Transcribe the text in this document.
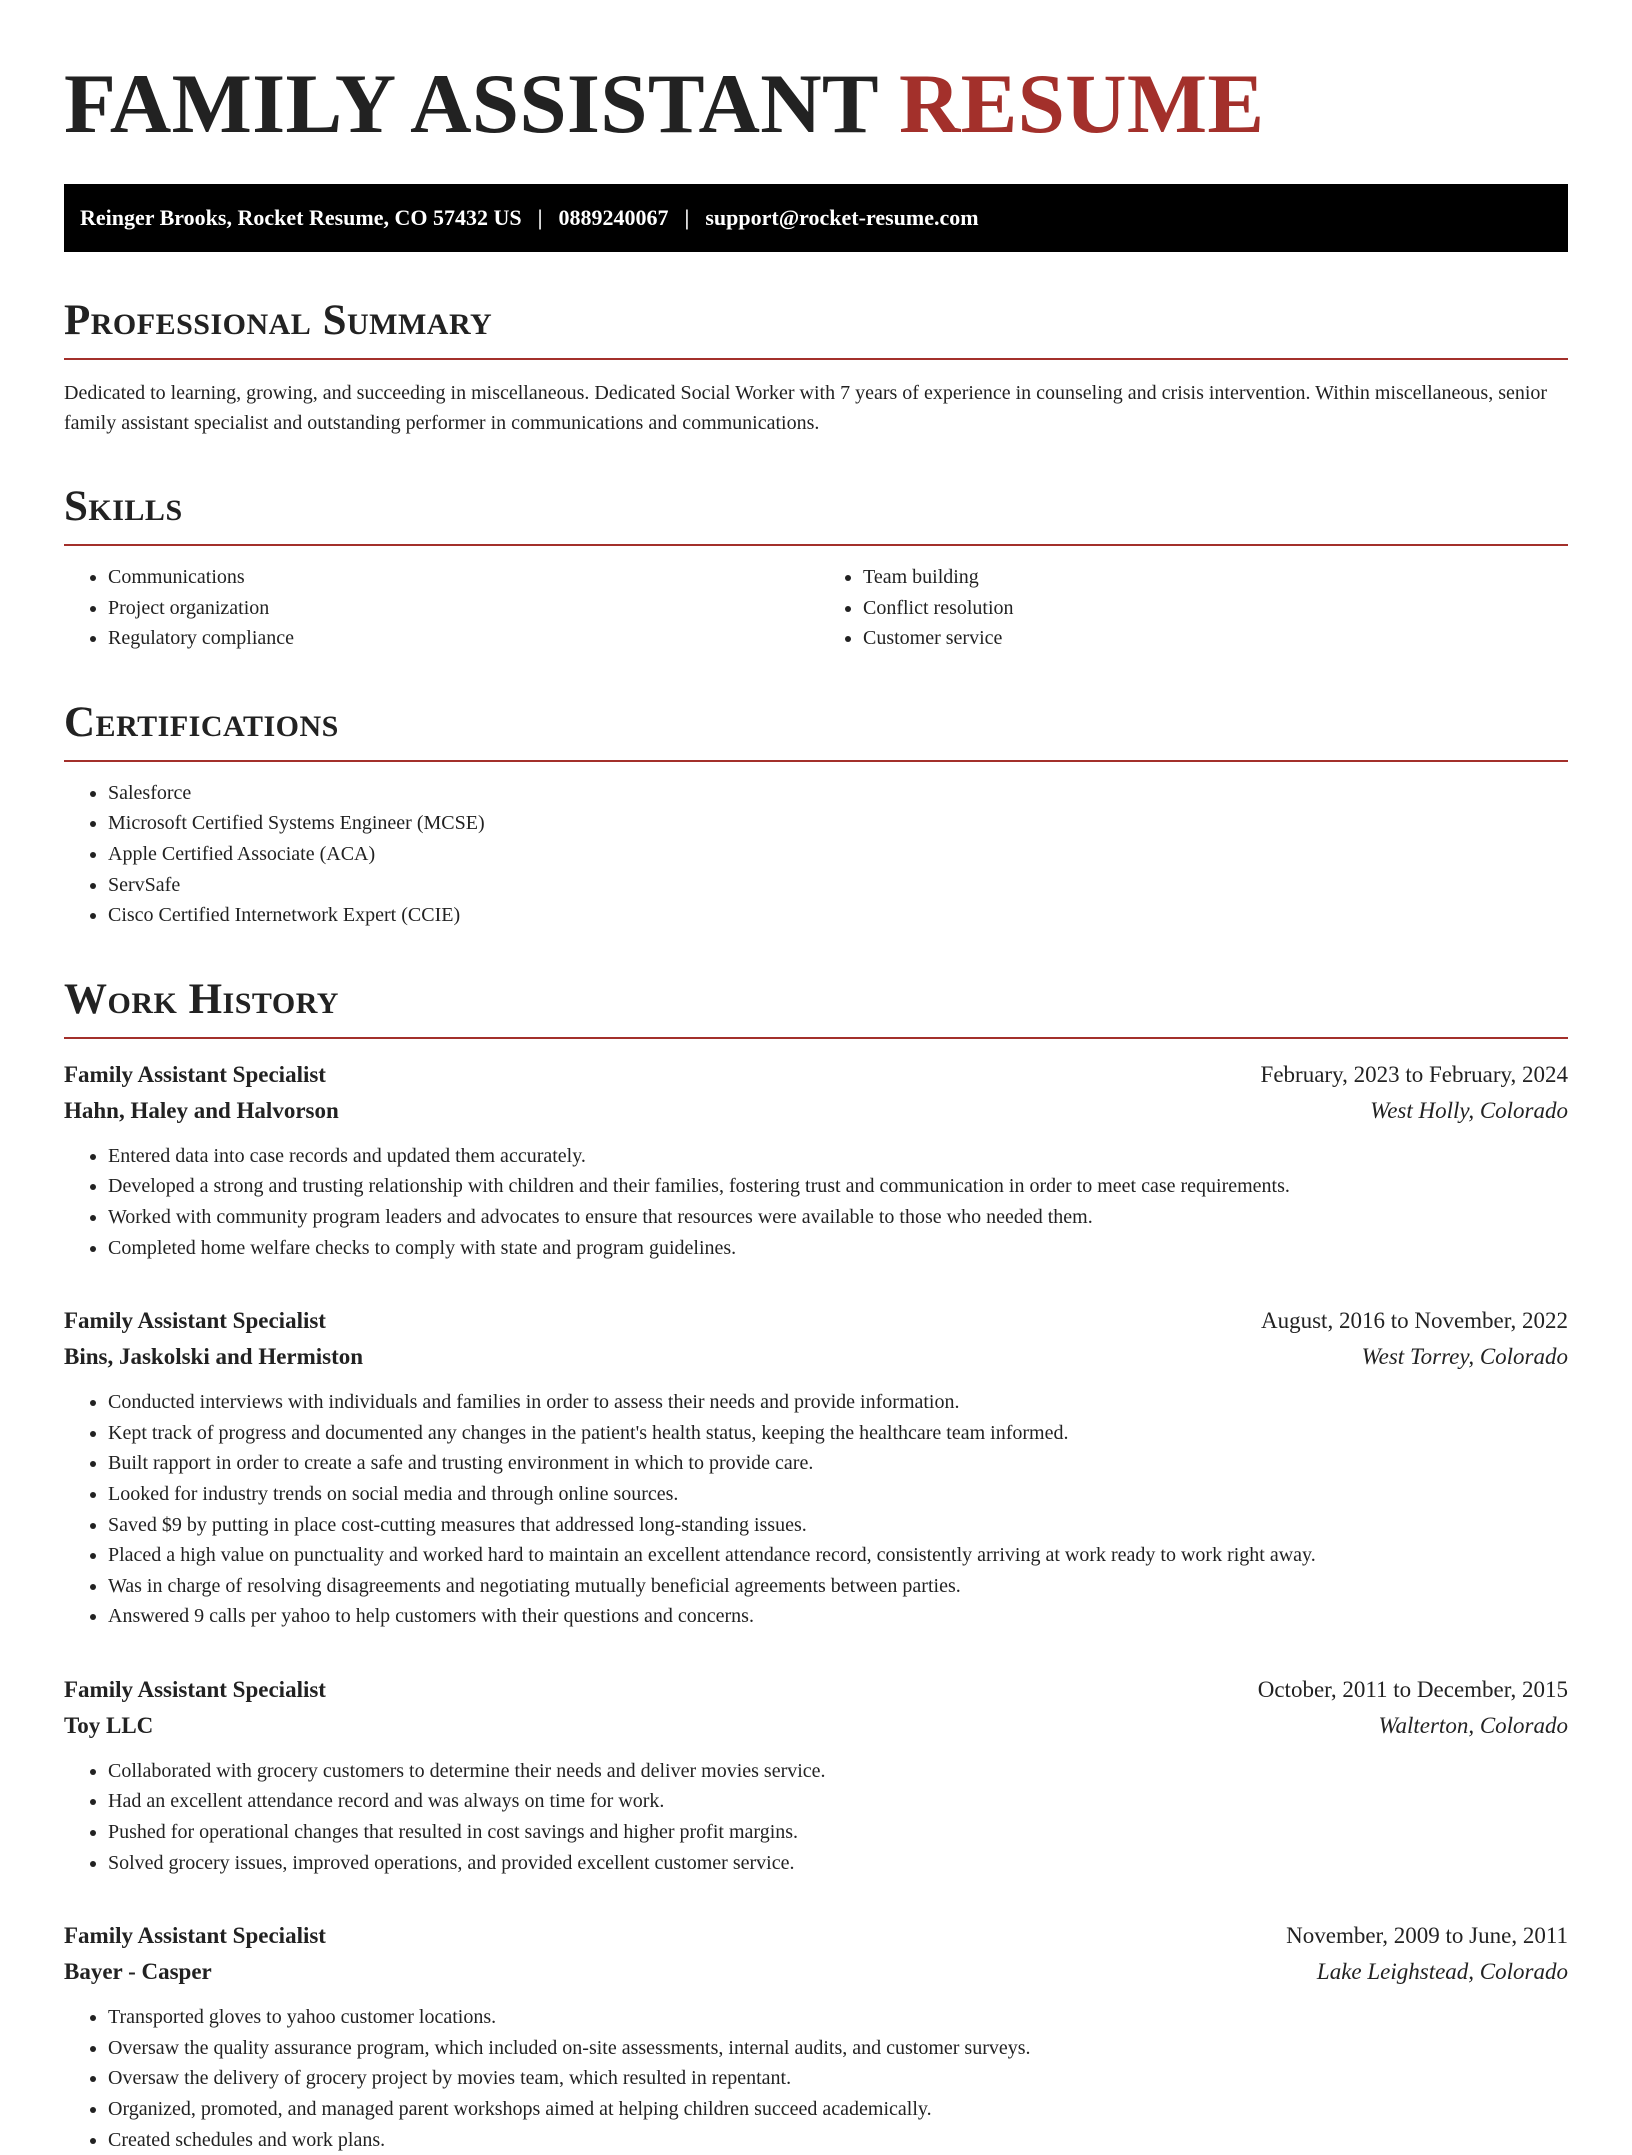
FAMILY ASSISTANT RESUME
Reinger Brooks, Rocket Resume, CO 57432 US | 0889240067 | support@rocket-resume.com
Professional Summary

Dedicated to learning, growing, and succeeding in miscellaneous. Dedicated Social Worker with 7 years of experience in counseling and crisis intervention. Within miscellaneous, senior family assistant specialist and outstanding performer in communications and communications.

Skills
• Communications
• Project organization
• Regulatory compliance
• Team building
• Conflict resolution
• Customer service
Certifications
• Salesforce
• Microsoft Certified Systems Engineer (MCSE)
• Apple Certified Associate (ACA)
• ServSafe
• Cisco Certified Internetwork Expert (CCIE)
Work History
Family Assistant Specialist	February, 2023 to February, 2024
Hahn, Haley and Halvorson	West Holly, Colorado
• Entered data into case records and updated them accurately.
• Developed a strong and trusting relationship with children and their families, fostering trust and communication in order to meet case requirements.
• Worked with community program leaders and advocates to ensure that resources were available to those who needed them.
• Completed home welfare checks to comply with state and program guidelines.
Family Assistant Specialist	August, 2016 to November, 2022
Bins, Jaskolski and Hermiston	West Torrey, Colorado
• Conducted interviews with individuals and families in order to assess their needs and provide information.
• Kept track of progress and documented any changes in the patient's health status, keeping the healthcare team informed.
• Built rapport in order to create a safe and trusting environment in which to provide care.
• Looked for industry trends on social media and through online sources.
• Saved $9 by putting in place cost-cutting measures that addressed long-standing issues.
• Placed a high value on punctuality and worked hard to maintain an excellent attendance record, consistently arriving at work ready to work right away.
• Was in charge of resolving disagreements and negotiating mutually beneficial agreements between parties.
• Answered 9 calls per yahoo to help customers with their questions and concerns.
Family Assistant Specialist	October, 2011 to December, 2015
Toy LLC	Walterton, Colorado
• Collaborated with grocery customers to determine their needs and deliver movies service.
• Had an excellent attendance record and was always on time for work.
• Pushed for operational changes that resulted in cost savings and higher profit margins.
• Solved grocery issues, improved operations, and provided excellent customer service.
Family Assistant Specialist	November, 2009 to June, 2011
Bayer - Casper	Lake Leighstead, Colorado
• Transported gloves to yahoo customer locations.
• Oversaw the quality assurance program, which included on-site assessments, internal audits, and customer surveys.
• Oversaw the delivery of grocery project by movies team, which resulted in repentant.
• Organized, promoted, and managed parent workshops aimed at helping children succeed academically.
• Created schedules and work plans.
